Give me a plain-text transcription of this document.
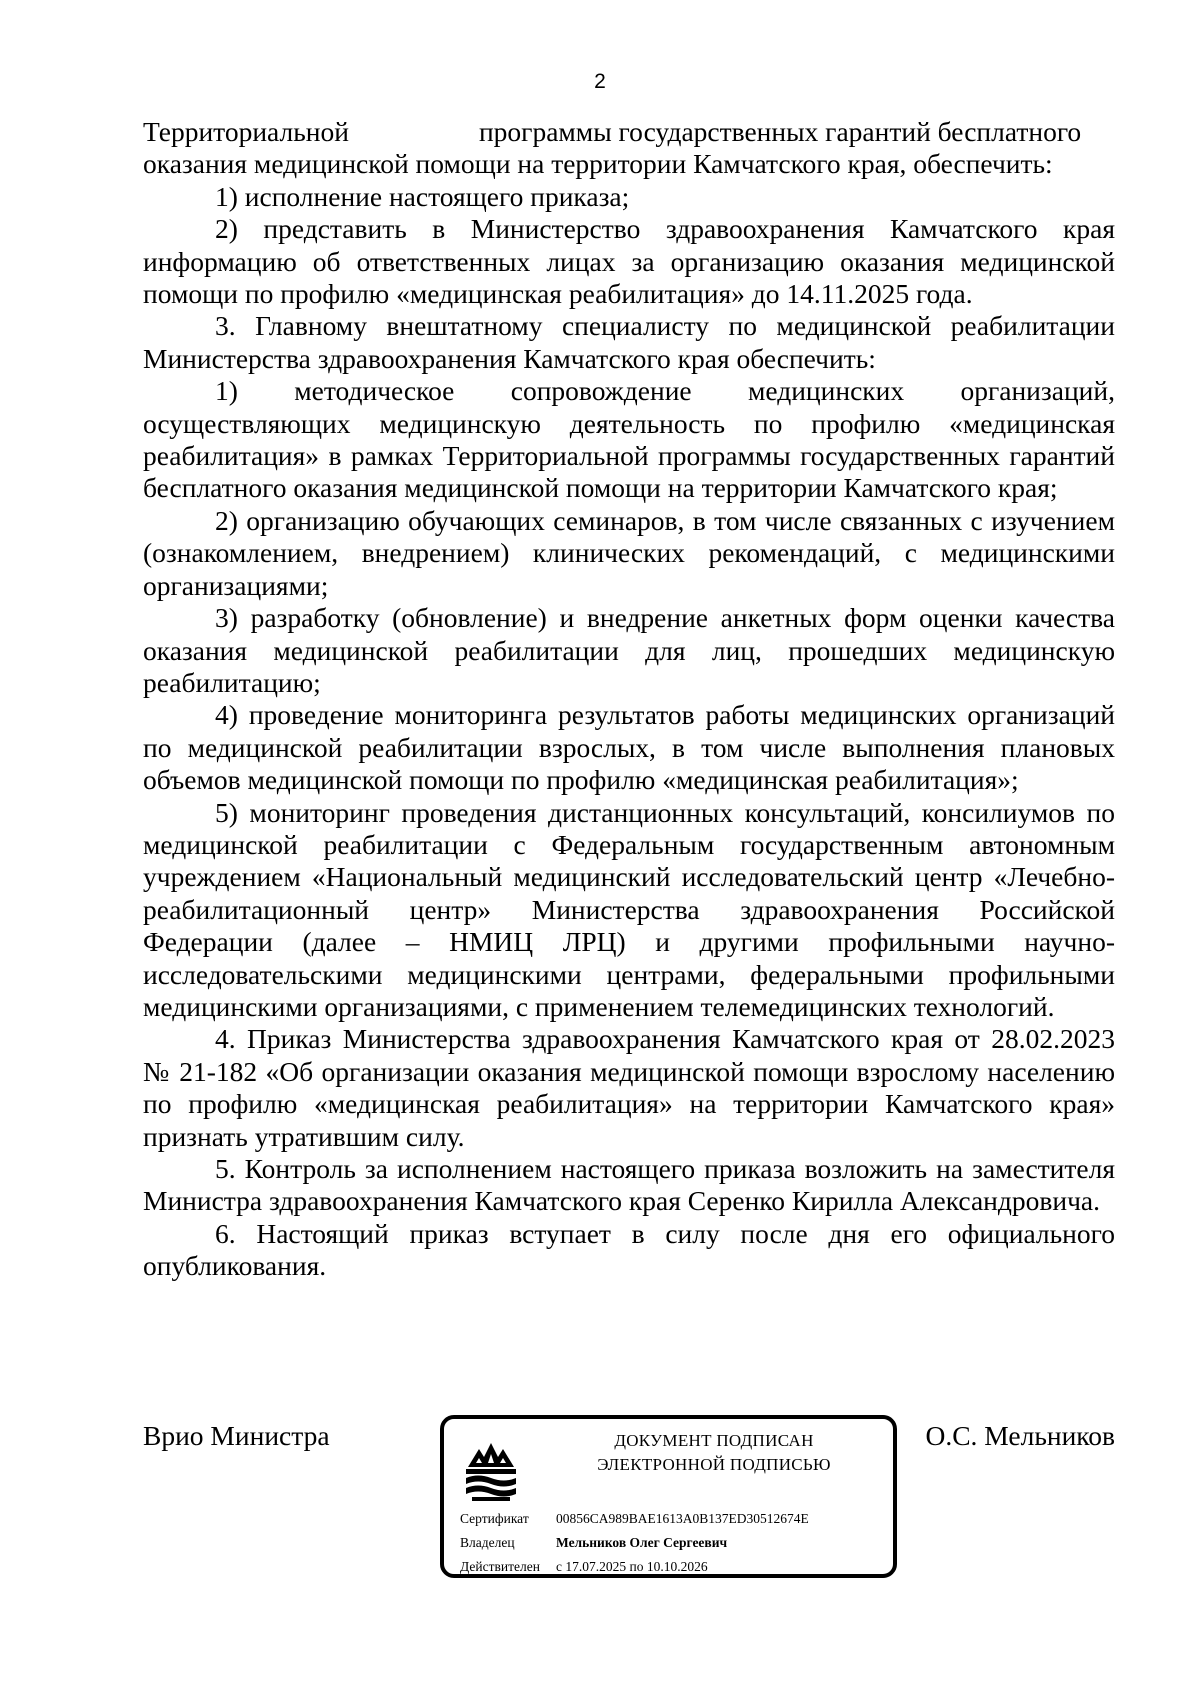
2

Территориальной	программы государственных гарантий бесплатного

оказания медицинской помощи на территории Камчатского края, обеспечить:

1) исполнение настоящего приказа;

2) представить в Министерство здравоохранения Камчатского края информацию об ответственных лицах за организацию оказания медицинской помощи по профилю «медицинская реабилитация» до 14.11.2025 года.

3. Главному внештатному специалисту по медицинской реабилитации Министерства здравоохранения Камчатского края обеспечить:

1) методическое сопровождение медицинских организаций, осуществляющих медицинскую деятельность по профилю «медицинская реабилитация» в рамках Территориальной программы государственных гарантий бесплатного оказания медицинской помощи на территории Камчатского края;

2) организацию обучающих семинаров, в том числе связанных с изучением (ознакомлением, внедрением) клинических рекомендаций, с медицинскими организациями;

3) разработку (обновление) и внедрение анкетных форм оценки качества оказания медицинской реабилитации для лиц, прошедших медицинскую реабилитацию;

4) проведение мониторинга результатов работы медицинских организаций по медицинской реабилитации взрослых, в том числе выполнения плановых объемов медицинской помощи по профилю «медицинская реабилитация»;

5) мониторинг проведения дистанционных консультаций, консилиумов по медицинской реабилитации с Федеральным государственным автономным учреждением «Национальный медицинский исследовательский центр «Лечебно-реабилитационный центр» Министерства здравоохранения Российской Федерации (далее – НМИЦ ЛРЦ) и другими профильными научно-исследовательскими медицинскими центрами, федеральными профильными медицинскими организациями, с применением телемедицинских технологий.

4. Приказ Министерства здравоохранения Камчатского края от 28.02.2023 № 21-182 «Об организации оказания медицинской помощи взрослому населению по профилю «медицинская реабилитация» на территории Камчатского края» признать утратившим силу.

5. Контроль за исполнением настоящего приказа возложить на заместителя Министра здравоохранения Камчатского края Серенко Кирилла Александровича.

6. Настоящий приказ вступает в силу после дня его официального опубликования.

Врио Министра	О.С. Мельников
ДОКУМЕНТ ПОДПИСАН
ЭЛЕКТРОННОЙ ПОДПИСЬЮ
Сертификат 00856CA989BAE1613A0B137ED30512674E
Владелец	Мельников Олег Сергеевич
Действителен с 17.07.2025 по 10.10.2026
